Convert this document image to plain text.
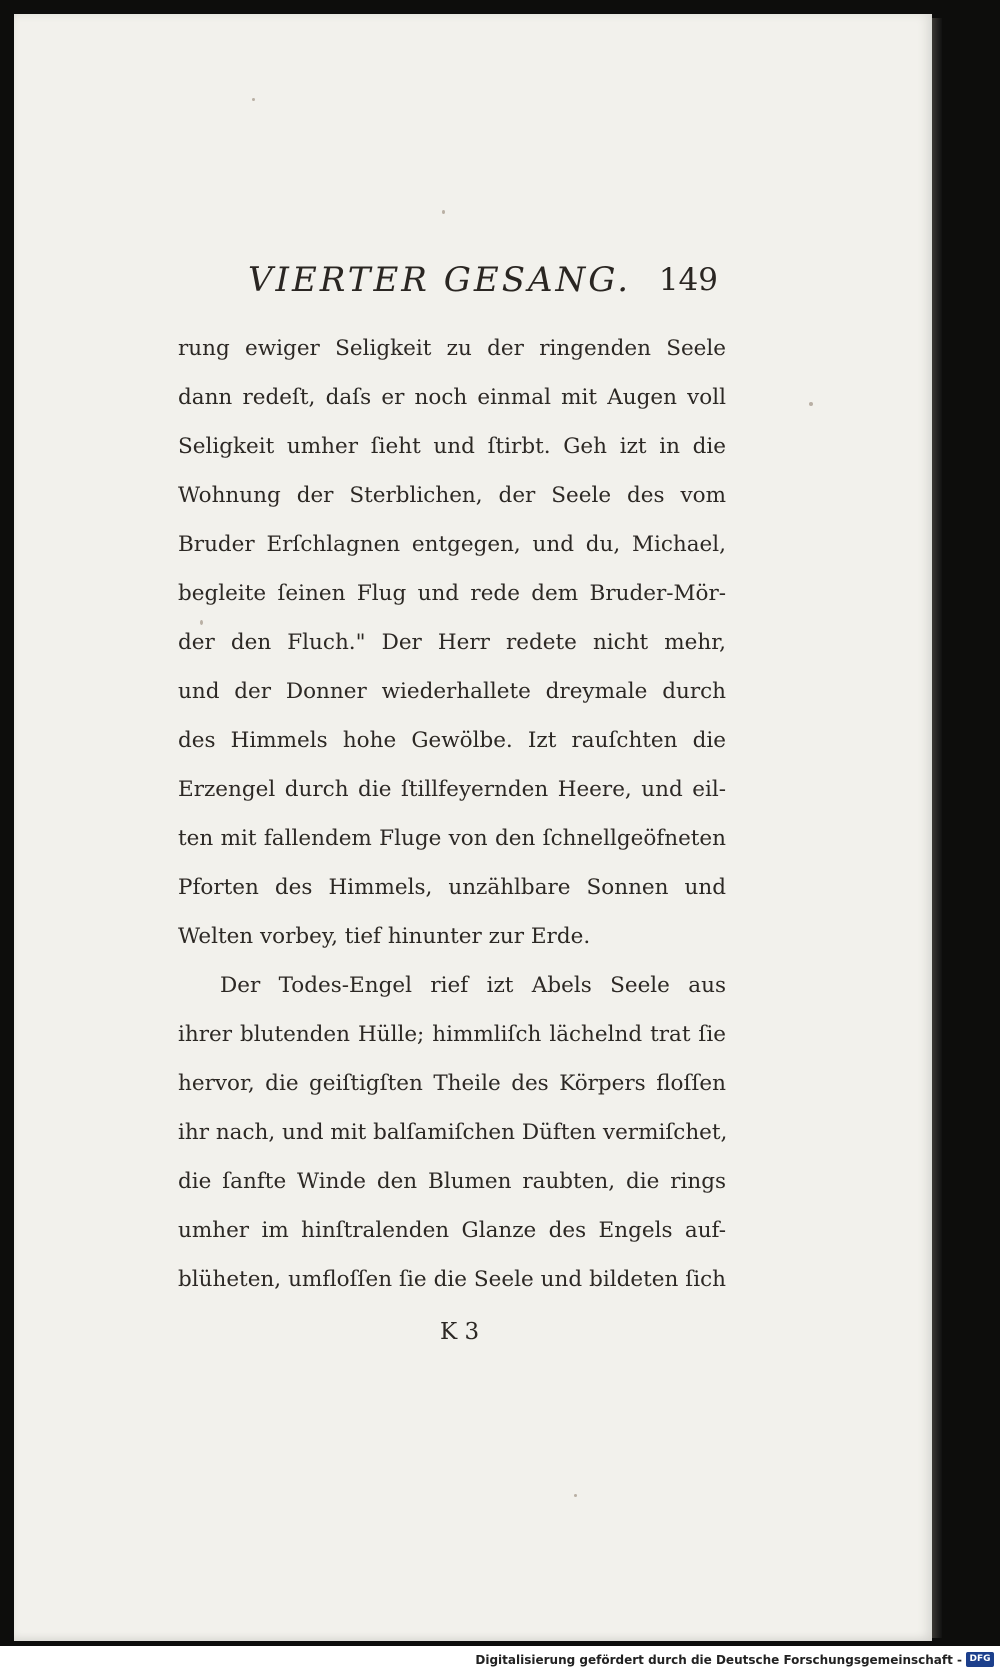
VIERTER GESANG. 149
rung ewiger Seligkeit zu der ringenden Seele
dann redeſt, daſs er noch einmal mit Augen voll
Seligkeit umher ſieht und ſtirbt. Geh izt in die
Wohnung der Sterblichen, der Seele des vom
Bruder Erſchlagnen entgegen, und du, Michael,
begleite ſeinen Flug und rede dem Bruder-Mör-
der den Fluch." Der Herr redete nicht mehr,
und der Donner wiederhallete dreymale durch
des Himmels hohe Gewölbe. Izt rauſchten die
Erzengel durch die ſtillfeyernden Heere, und eil-
ten mit fallendem Fluge von den ſchnellgeöfneten
Pforten des Himmels, unzählbare Sonnen und
Welten vorbey, tief hinunter zur Erde.
Der Todes-Engel rief izt Abels Seele aus
ihrer blutenden Hülle; himmliſch lächelnd trat ſie
hervor, die geiſtigſten Theile des Körpers floſſen
ihr nach, und mit balſamiſchen Düften vermiſchet,
die ſanfte Winde den Blumen raubten, die rings
umher im hinſtralenden Glanze des Engels auf-
blüheten, umfloſſen ſie die Seele und bildeten ſich
K 3
Digitalisierung gefördert durch die Deutsche Forschungsgemeinschaft - DFG
